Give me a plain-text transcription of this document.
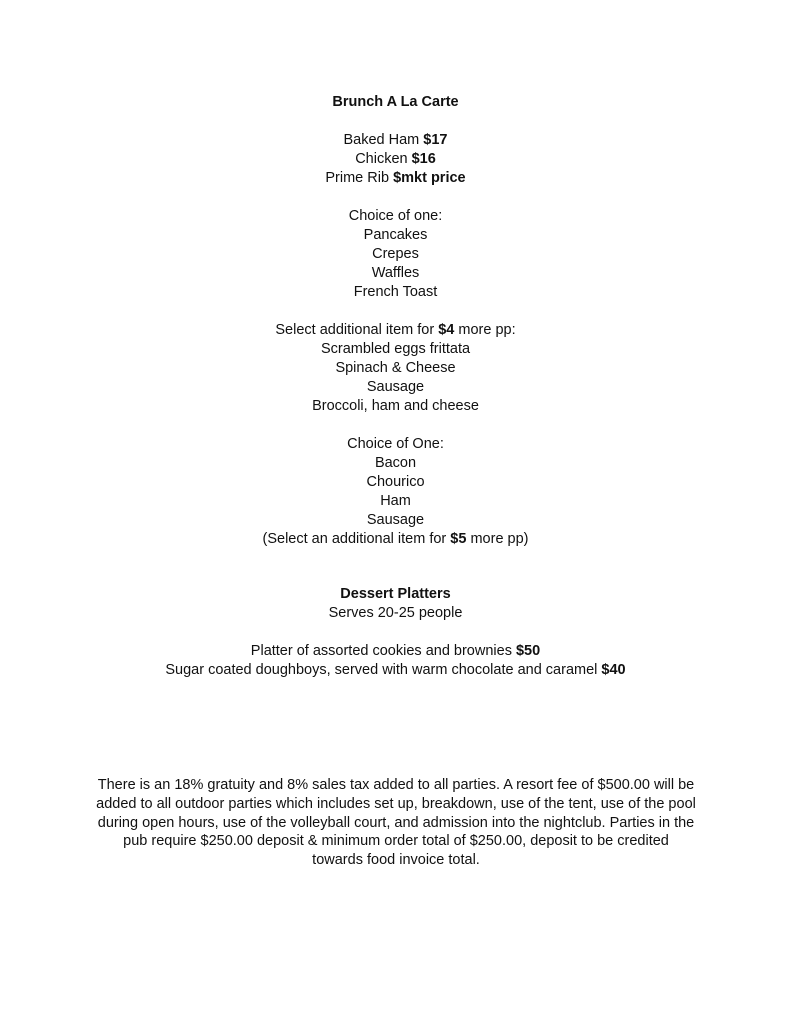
Brunch A La Carte
Baked Ham $17
Chicken $16
Prime Rib $mkt price
Choice of one:
Pancakes
Crepes
Waffles
French Toast
Select additional item for $4 more pp:
Scrambled eggs frittata
Spinach & Cheese
Sausage
Broccoli, ham and cheese
Choice of One:
Bacon
Chourico
Ham
Sausage
(Select an additional item for $5 more pp)
Dessert Platters
Serves 20-25 people
Platter of assorted cookies and brownies $50
Sugar coated doughboys, served with warm chocolate and caramel $40
There is an 18% gratuity and 8% sales tax added to all parties. A resort fee of $500.00 will be added to all outdoor parties which includes set up, breakdown, use of the tent, use of the pool during open hours, use of the volleyball court, and admission into the nightclub. Parties in the pub require $250.00 deposit & minimum order total of $250.00, deposit to be credited towards food invoice total.
